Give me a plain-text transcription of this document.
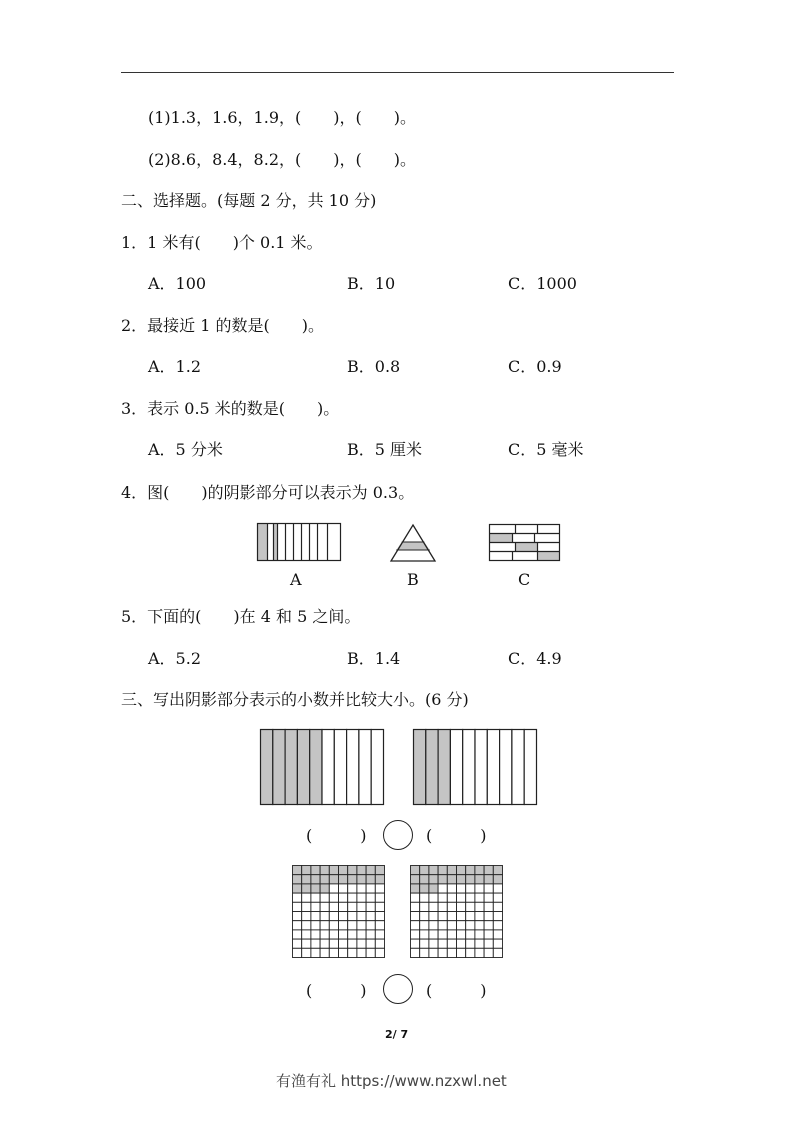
(1)1.3，1.6，1.9，(　　)，(　　)。
(2)8.6，8.4，8.2，(　　)，(　　)。
二、选择题。(每题 2 分，共 10 分)
1．1 米有(　　)个 0.1 米。
A．100	B．10	C．1000
2．最接近 1 的数是(　　)。
A．1.2	B．0.8	C．0.9
3．表示 0.5 米的数是(　　)。
A．5 分米	B．5 厘米	C．5 毫米
4．图(　　)的阴影部分可以表示为 0.3。
A	B	C
5．下面的(　　)在 4 和 5 之间。
A．5.2	B．1.4	C．4.9
三、写出阴影部分表示的小数并比较大小。(6 分)
(　　　)	(　　　)
(　　　)	(　　　)
2/ 7
有渔有礼 https://www.nzxwl.net
